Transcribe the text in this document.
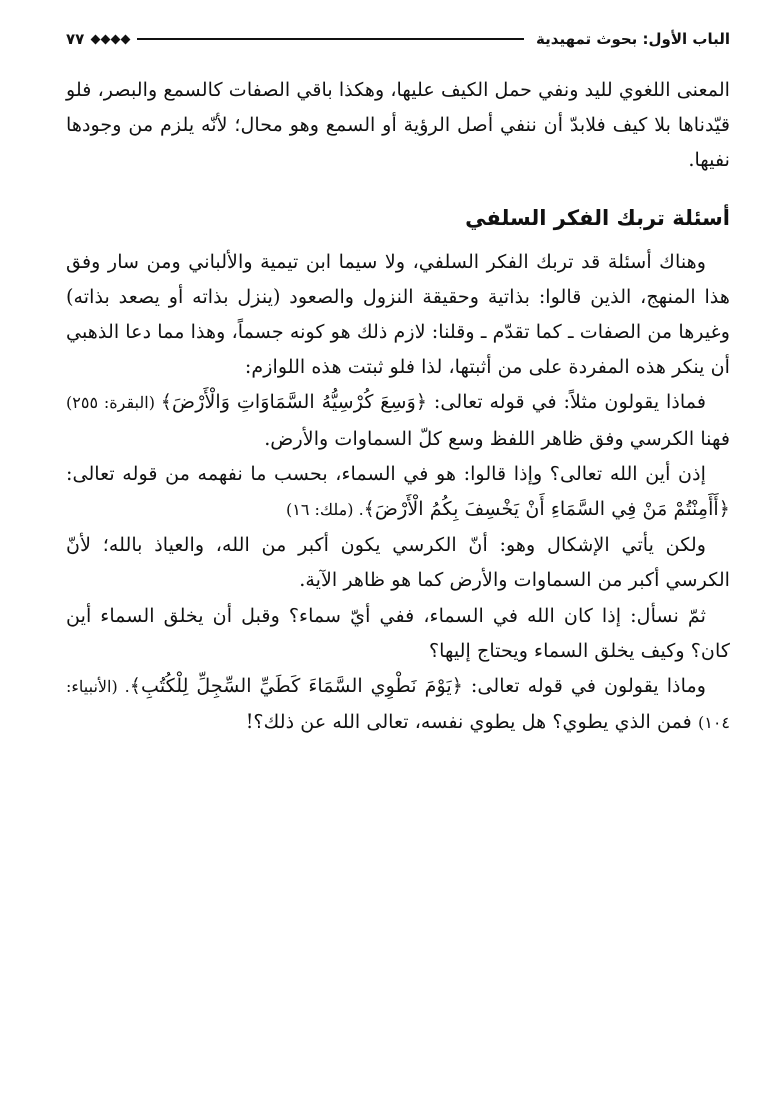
الباب الأول: بحوث تمهيدية
٧٧

المعنى اللغوي لليد ونفي حمل الكيف عليها، وهكذا باقي الصفات كالسمع والبصر، فلو قيّدناها بلا كيف فلابدّ أن ننفي أصل الرؤية أو السمع وهو محال؛ لأنّه يلزم من وجودها نفيها.

أسئلة تربك الفكر السلفي

وهناك أسئلة قد تربك الفكر السلفي، ولا سيما ابن تيمية والألباني ومن سار وفق هذا المنهج، الذين قالوا: بذاتية وحقيقة النزول والصعود (ينزل بذاته أو يصعد بذاته) وغيرها من الصفات ـ كما تقدّم ـ وقلنا: لازم ذلك هو كونه جسماً، وهذا مما دعا الذهبي أن ينكر هذه المفردة على من أثبتها، لذا فلو ثبتت هذه اللوازم:

فماذا يقولون مثلاً: في قوله تعالى: ﴿وَسِعَ كُرْسِيُّهُ السَّمَاوَاتِ وَالْأَرْضَ﴾ (البقرة: ٢٥٥) فهنا الكرسي وفق ظاهر اللفظ وسع كلّ السماوات والأرض.

إذن أين الله تعالى؟ وإذا قالوا: هو في السماء، بحسب ما نفهمه من قوله تعالى: ﴿أَأَمِنْتُمْ مَنْ فِي السَّمَاءِ أَنْ يَخْسِفَ بِكُمُ الْأَرْضَ﴾. (ملك: ١٦)

ولكن يأتي الإشكال وهو: أنّ الكرسي يكون أكبر من الله، والعياذ بالله؛ لأنّ الكرسي أكبر من السماوات والأرض كما هو ظاهر الآية.

ثمّ نسأل: إذا كان الله في السماء، ففي أيّ سماء؟ وقبل أن يخلق السماء أين كان؟ وكيف يخلق السماء ويحتاج إليها؟

وماذا يقولون في قوله تعالى: ﴿يَوْمَ نَطْوِي السَّمَاءَ كَطَيِّ السِّجِلِّ لِلْكُتُبِ﴾. (الأنبياء: ١٠٤) فمن الذي يطوي؟ هل يطوي نفسه، تعالى الله عن ذلك؟!
